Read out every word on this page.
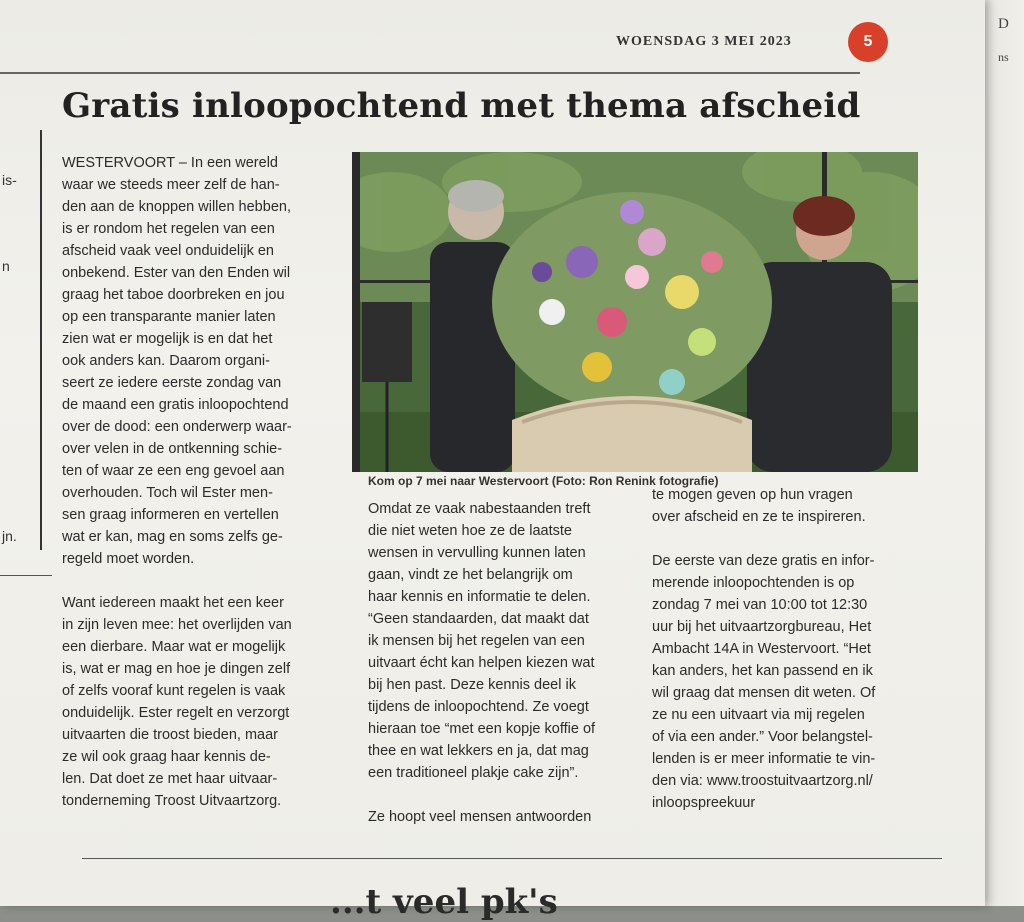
D
ns
WOENSDAG 3 MEI 2023	5
is-
n
jn.
Gratis inloopochtend met thema afscheid
WESTERVOORT – In een wereld
waar we steeds meer zelf de han-
den aan de knoppen willen hebben,
is er rondom het regelen van een
afscheid vaak veel onduidelijk en
onbekend. Ester van den Enden wil
graag het taboe doorbreken en jou
op een transparante manier laten
zien wat er mogelijk is en dat het
ook anders kan. Daarom organi-
seert ze iedere eerste zondag van
de maand een gratis inloopochtend
over de dood: een onderwerp waar-
over velen in de ontkenning schie-
ten of waar ze een eng gevoel aan
overhouden. Toch wil Ester men-
sen graag informeren en vertellen
wat er kan, mag en soms zelfs ge-
regeld moet worden.

Want iedereen maakt het een keer
in zijn leven mee: het overlijden van
een dierbare. Maar wat er mogelijk
is, wat er mag en hoe je dingen zelf
of zelfs vooraf kunt regelen is vaak
onduidelijk. Ester regelt en verzorgt
uitvaarten die troost bieden, maar
ze wil ook graag haar kennis de-
len. Dat doet ze met haar uitvaar-
tonderneming Troost Uitvaartzorg.
Kom op 7 mei naar Westervoort (Foto: Ron Renink fotografie)
Omdat ze vaak nabestaanden treft
die niet weten hoe ze de laatste
wensen in vervulling kunnen laten
gaan, vindt ze het belangrijk om
haar kennis en informatie te delen.
“Geen standaarden, dat maakt dat
ik mensen bij het regelen van een
uitvaart écht kan helpen kiezen wat
bij hen past. Deze kennis deel ik
tijdens de inloopochtend. Ze voegt
hieraan toe “met een kopje koffie of
thee en wat lekkers en ja, dat mag
een traditioneel plakje cake zijn”.

Ze hoopt veel mensen antwoorden
te mogen geven op hun vragen
over afscheid en ze te inspireren.

De eerste van deze gratis en infor-
merende inloopochtenden is op
zondag 7 mei van 10:00 tot 12:30
uur bij het uitvaartzorgbureau, Het
Ambacht 14A in Westervoort. “Het
kan anders, het kan passend en ik
wil graag dat mensen dit weten. Of
ze nu een uitvaart via mij regelen
of via een ander.” Voor belangstel-
lenden is er meer informatie te vin-
den via: www.troostuitvaartzorg.nl/
inloopspreekuur
...t veel pk's
